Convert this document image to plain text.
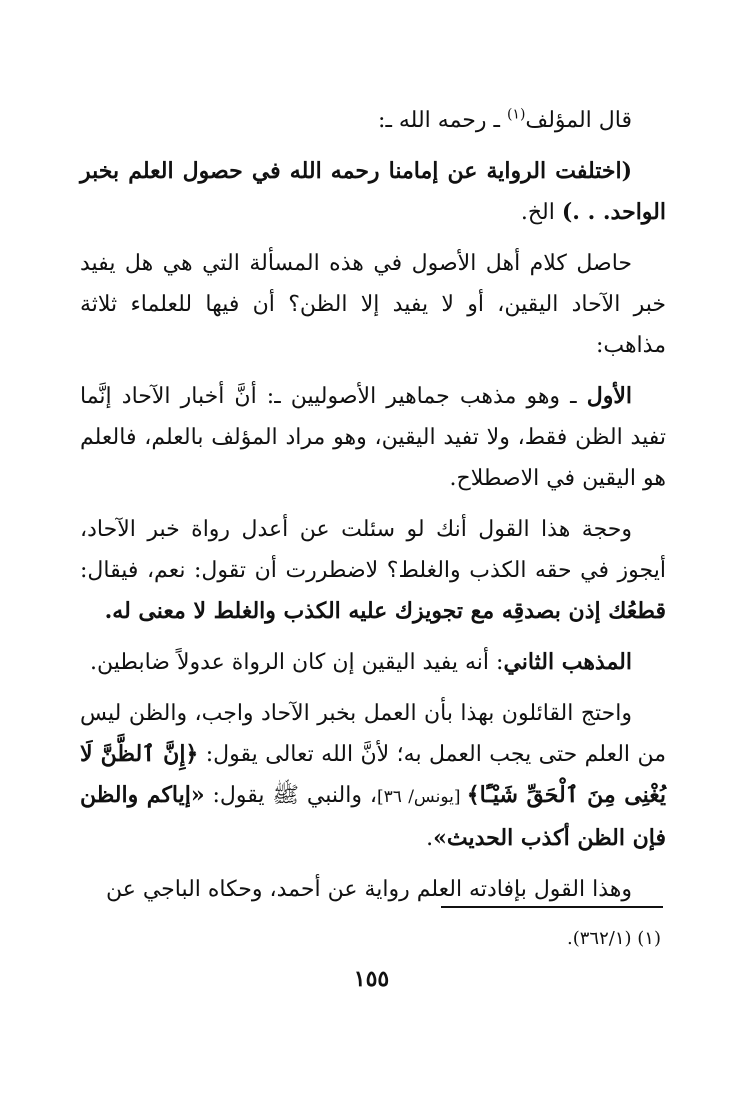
قال المؤلف$^{(١)}$ ـ رحمه الله ـ:

(اختلفت الرواية عن إمامنا رحمه الله في حصول العلم بخبر الواحد. . .) الخ.

حاصل كلام أهل الأصول في هذه المسألة التي هي هل يفيد خبر الآحاد اليقين، أو لا يفيد إلا الظن؟ أن فيها للعلماء ثلاثة مذاهب:

الأول ـ وهو مذهب جماهير الأصوليين ـ: أنَّ أخبار الآحاد إنَّما تفيد الظن فقط، ولا تفيد اليقين، وهو مراد المؤلف بالعلم، فالعلم هو اليقين في الاصطلاح.

وحجة هذا القول أنك لو سئلت عن أعدل رواة خبر الآحاد، أيجوز في حقه الكذب والغلط؟ لاضطررت أن تقول: نعم، فيقال: قطعُك إذن بصدقِه مع تجويزك عليه الكذب والغلط لا معنى له.

المذهب الثاني: أنه يفيد اليقين إن كان الرواة عدولاً ضابطين.

واحتج القائلون بهذا بأن العمل بخبر الآحاد واجب، والظن ليس من العلم حتى يجب العمل به؛ لأنَّ الله تعالى يقول: ﴿إِنَّ ٱلظَّنَّ لَا يُغْنِى مِنَ ٱلْحَقِّ شَيْـًٔا﴾ [يونس/ ٣٦]، والنبي ﷺ يقول: «إياكم والظن فإن الظن أكذب الحديث».

وهذا القول بإفادته العلم رواية عن أحمد، وحكاه الباجي عن

(١) (٣٦٢/١).
١٥٥
